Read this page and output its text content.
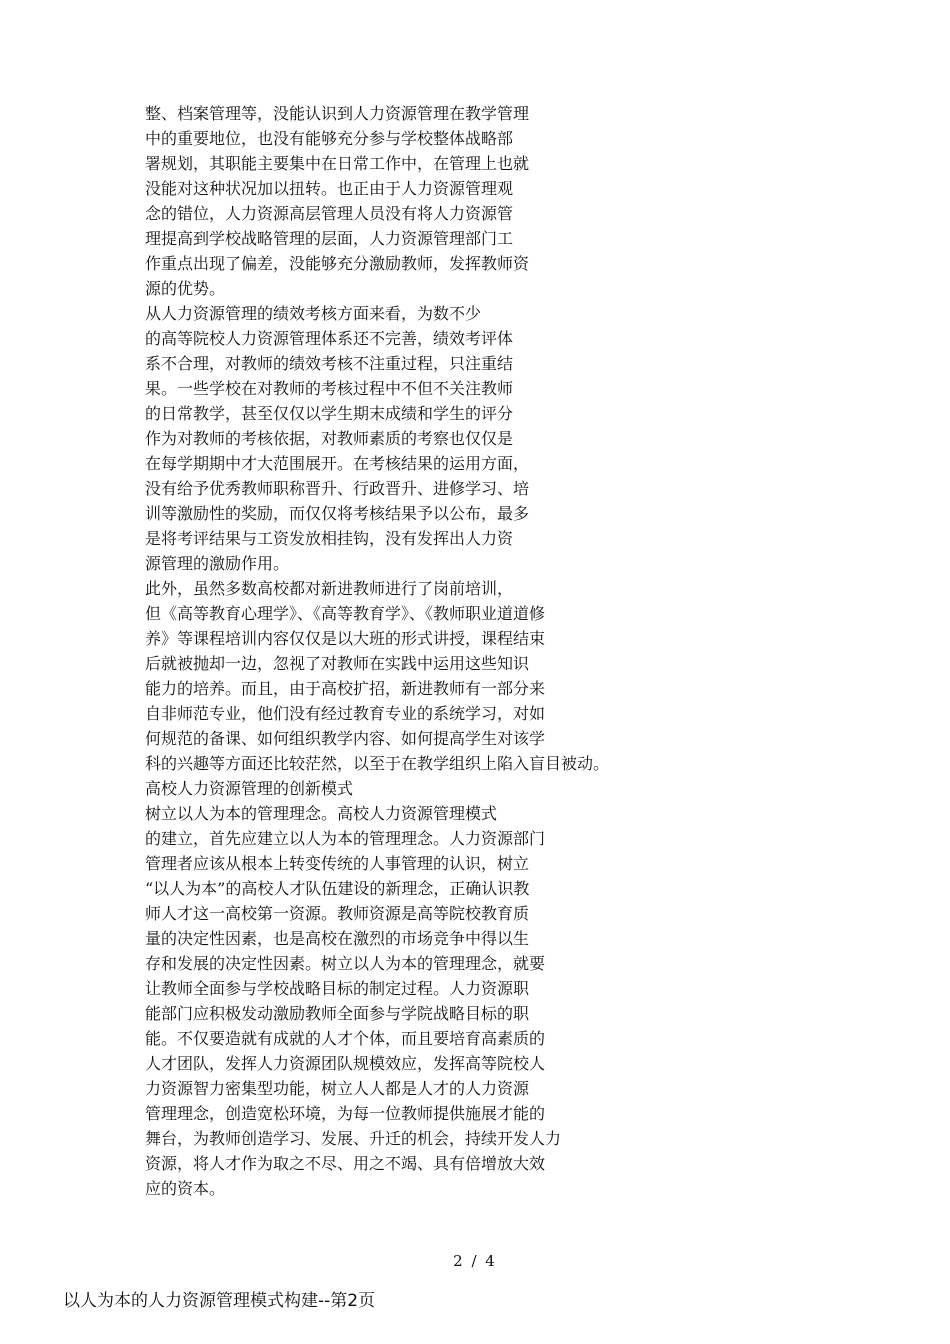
整、档案管理等，没能认识到人力资源管理在教学管理
中的重要地位，也没有能够充分参与学校整体战略部
署规划，其职能主要集中在日常工作中，在管理上也就
没能对这种状况加以扭转。也正由于人力资源管理观
念的错位，人力资源高层管理人员没有将人力资源管
理提高到学校战略管理的层面，人力资源管理部门工
作重点出现了偏差，没能够充分激励教师，发挥教师资
源的优势。
从人力资源管理的绩效考核方面来看，为数不少
的高等院校人力资源管理体系还不完善，绩效考评体
系不合理，对教师的绩效考核不注重过程，只注重结
果。一些学校在对教师的考核过程中不但不关注教师
的日常教学，甚至仅仅以学生期末成绩和学生的评分
作为对教师的考核依据，对教师素质的考察也仅仅是
在每学期期中才大范围展开。在考核结果的运用方面，
没有给予优秀教师职称晋升、行政晋升、进修学习、培
训等激励性的奖励，而仅仅将考核结果予以公布，最多
是将考评结果与工资发放相挂钩，没有发挥出人力资
源管理的激励作用。
此外，虽然多数高校都对新进教师进行了岗前培训，
但《高等教育心理学》、《高等教育学》、《教师职业道道修
养》等课程培训内容仅仅是以大班的形式讲授，课程结束
后就被抛却一边，忽视了对教师在实践中运用这些知识
能力的培养。而且，由于高校扩招，新进教师有一部分来
自非师范专业，他们没有经过教育专业的系统学习，对如
何规范的备课、如何组织教学内容、如何提高学生对该学
科的兴趣等方面还比较茫然，以至于在教学组织上陷入盲目被动。
高校人力资源管理的创新模式
树立以人为本的管理理念。高校人力资源管理模式
的建立，首先应建立以人为本的管理理念。人力资源部门
管理者应该从根本上转变传统的人事管理的认识，树立
“以人为本”的高校人才队伍建设的新理念，正确认识教
师人才这一高校第一资源。教师资源是高等院校教育质
量的决定性因素，也是高校在激烈的市场竞争中得以生
存和发展的决定性因素。树立以人为本的管理理念，就要
让教师全面参与学校战略目标的制定过程。人力资源职
能部门应积极发动激励教师全面参与学院战略目标的职
能。不仅要造就有成就的人才个体，而且要培育高素质的
人才团队，发挥人力资源团队规模效应，发挥高等院校人
力资源智力密集型功能，树立人人都是人才的人力资源
管理理念，创造宽松环境，为每一位教师提供施展才能的
舞台，为教师创造学习、发展、升迁的机会，持续开发人力
资源，将人才作为取之不尽、用之不竭、具有倍增放大效
应的资本。
2 / 4
以人为本的人力资源管理模式构建--第2页
